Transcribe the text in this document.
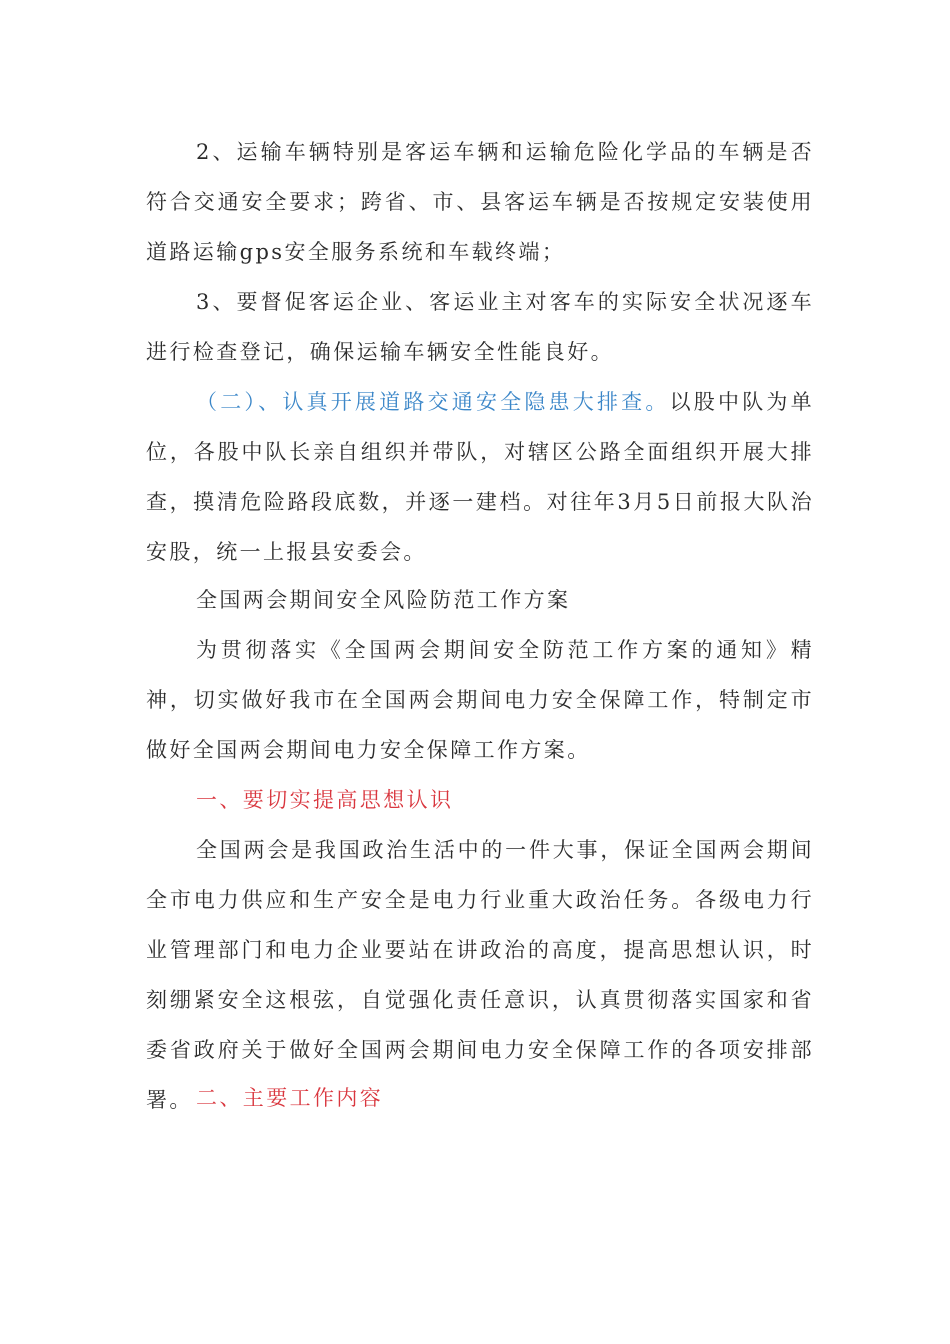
2、运输车辆特别是客运车辆和运输危险化学品的车辆是否符合交通安全要求；跨省、市、县客运车辆是否按规定安装使用道路运输gps安全服务系统和车载终端；

3、要督促客运企业、客运业主对客车的实际安全状况逐车进行检查登记，确保运输车辆安全性能良好。

（二）、认真开展道路交通安全隐患大排查。以股中队为单位，各股中队长亲自组织并带队，对辖区公路全面组织开展大排查，摸清危险路段底数，并逐一建档。对往年3月5日前报大队治安股，统一上报县安委会。

全国两会期间安全风险防范工作方案

为贯彻落实《全国两会期间安全防范工作方案的通知》精神，切实做好我市在全国两会期间电力安全保障工作，特制定市做好全国两会期间电力安全保障工作方案。

一、要切实提高思想认识

全国两会是我国政治生活中的一件大事，保证全国两会期间全市电力供应和生产安全是电力行业重大政治任务。各级电力行业管理部门和电力企业要站在讲政治的高度，提高思想认识，时刻绷紧安全这根弦，自觉强化责任意识，认真贯彻落实国家和省委省政府关于做好全国两会期间电力安全保障工作的各项安排部署。 二、主要工作内容
